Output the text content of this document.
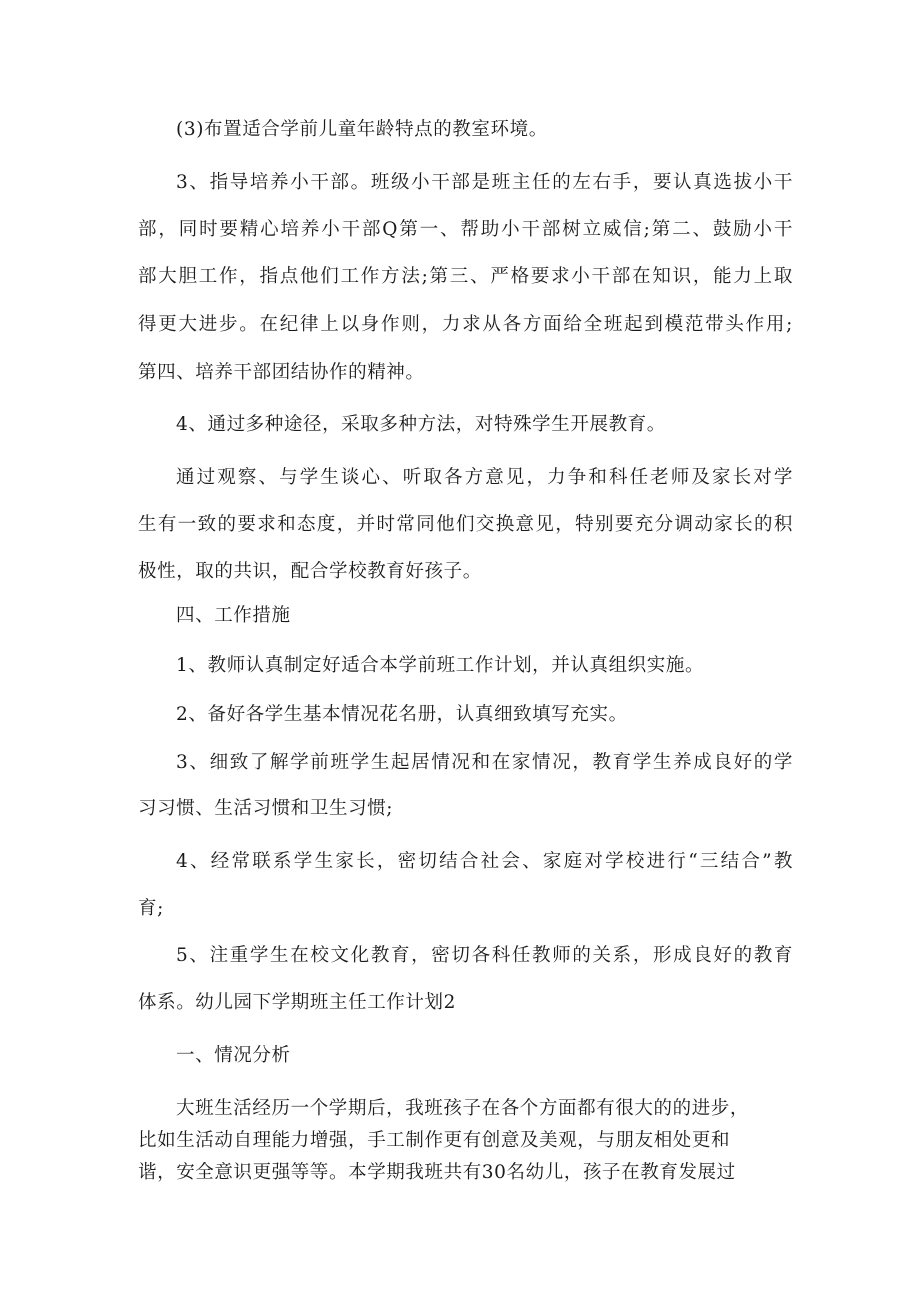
(3)布置适合学前儿童年龄特点的教室环境。
3、指导培养小干部。班级小干部是班主任的左右手，要认真选拔小干
部，同时要精心培养小干部Q第一、帮助小干部树立威信;第二、鼓励小干
部大胆工作，指点他们工作方法;第三、严格要求小干部在知识，能力上取
得更大进步。在纪律上以身作则，力求从各方面给全班起到模范带头作用;
第四、培养干部团结协作的精神。
4、通过多种途径，采取多种方法，对特殊学生开展教育。
通过观察、与学生谈心、听取各方意见，力争和科任老师及家长对学
生有一致的要求和态度，并时常同他们交换意见，特别要充分调动家长的积
极性，取的共识，配合学校教育好孩子。
四、工作措施
1、教师认真制定好适合本学前班工作计划，并认真组织实施。
2、备好各学生基本情况花名册，认真细致填写充实。
3、细致了解学前班学生起居情况和在家情况，教育学生养成良好的学
习习惯、生活习惯和卫生习惯;
4、经常联系学生家长，密切结合社会、家庭对学校进行“三结合”教
育;
5、注重学生在校文化教育，密切各科任教师的关系，形成良好的教育
体系。幼儿园下学期班主任工作计划2
一、情况分析
大班生活经历一个学期后，我班孩子在各个方面都有很大的的进步，
比如生活动自理能力增强，手工制作更有创意及美观，与朋友相处更和
谐，安全意识更强等等。本学期我班共有30名幼儿，孩子在教育发展过
